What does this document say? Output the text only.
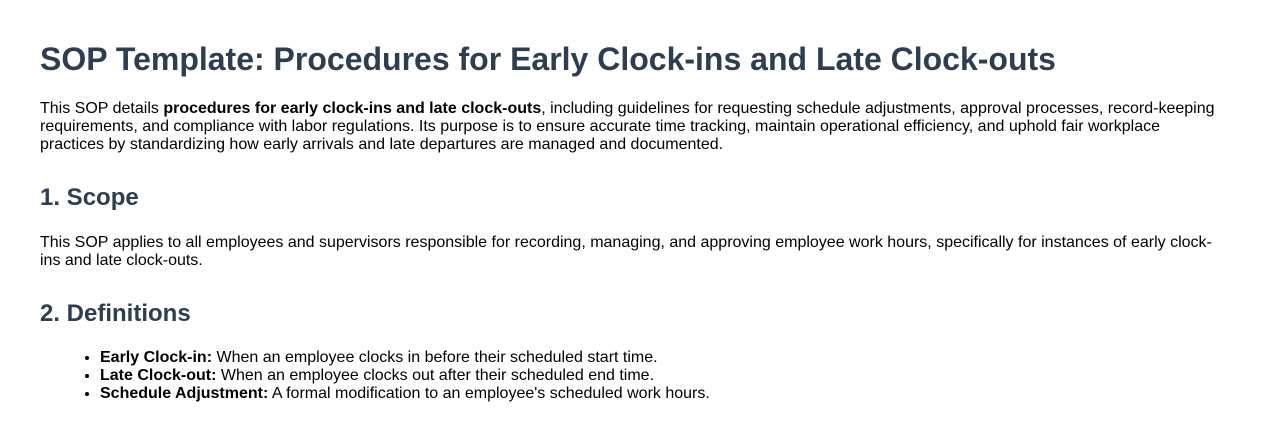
SOP Template: Procedures for Early Clock-ins and Late Clock-outs

This SOP details procedures for early clock-ins and late clock-outs, including guidelines for requesting schedule adjustments, approval processes, record-keeping requirements, and compliance with labor regulations. Its purpose is to ensure accurate time tracking, maintain operational efficiency, and uphold fair workplace practices by standardizing how early arrivals and late departures are managed and documented.

1. Scope

This SOP applies to all employees and supervisors responsible for recording, managing, and approving employee work hours, specifically for instances of early clock-ins and late clock-outs.

2. Definitions
• Early Clock-in: When an employee clocks in before their scheduled start time.
• Late Clock-out: When an employee clocks out after their scheduled end time.
• Schedule Adjustment: A formal modification to an employee's scheduled work hours.
